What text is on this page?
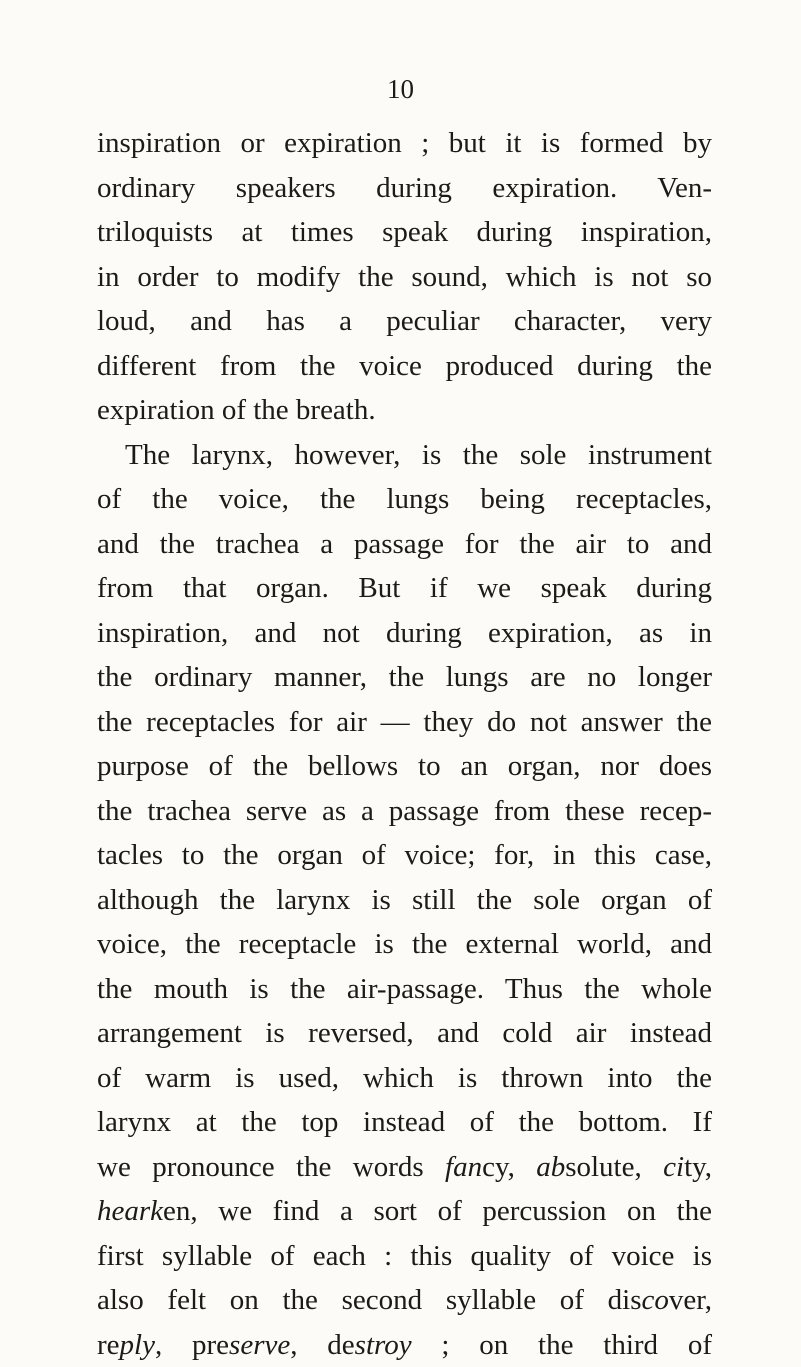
10
inspiration or expiration ; but it is formed by
ordinary speakers during expiration. Ven-
triloquists at times speak during inspiration,
in order to modify the sound, which is not so
loud, and has a peculiar character, very
different from the voice produced during the
expiration of the breath.
The larynx, however, is the sole instrument
of the voice, the lungs being receptacles,
and the trachea a passage for the air to and
from that organ. But if we speak during
inspiration, and not during expiration, as in
the ordinary manner, the lungs are no longer
the receptacles for air — they do not answer the
purpose of the bellows to an organ, nor does
the trachea serve as a passage from these recep-
tacles to the organ of voice; for, in this case,
although the larynx is still the sole organ of
voice, the receptacle is the external world, and
the mouth is the air-passage. Thus the whole
arrangement is reversed, and cold air instead
of warm is used, which is thrown into the
larynx at the top instead of the bottom. If
we pronounce the words fancy, absolute, city,
hearken, we find a sort of percussion on the
first syllable of each : this quality of voice is
also felt on the second syllable of discover,
reply, preserve, destroy ; on the third of
